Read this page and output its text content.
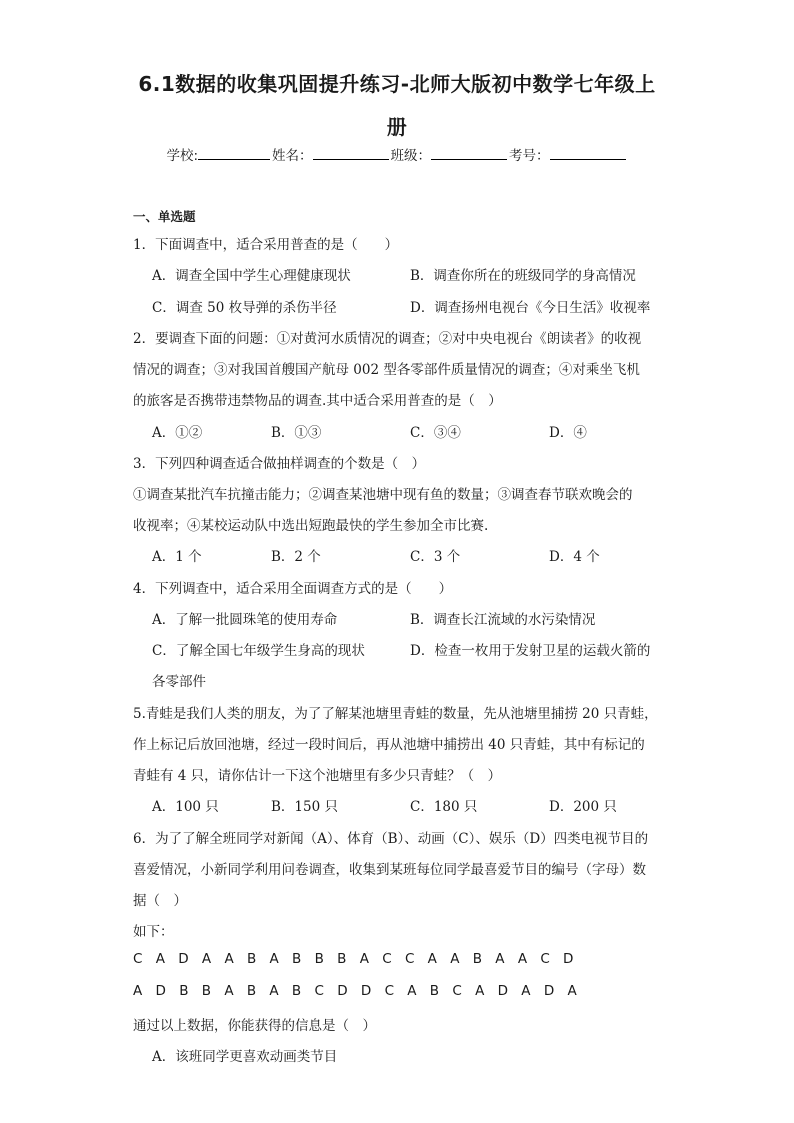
6.1数据的收集巩固提升练习-北师大版初中数学七年级上
册
学校:	姓名：	班级：	考号：
一、单选题
1．下面调查中，适合采用普查的是（　　）
A．调查全国中学生心理健康现状	B．调查你所在的班级同学的身高情况
C．调查 50 枚导弹的杀伤半径	D．调查扬州电视台《今日生活》收视率
2．要调查下面的问题：①对黄河水质情况的调查；②对中央电视台《朗读者》的收视
情况的调查；③对我国首艘国产航母 002 型各零部件质量情况的调查；④对乘坐飞机
的旅客是否携带违禁物品的调查.其中适合采用普查的是（　）
A．①②	B．①③	C．③④	D．④
3．下列四种调查适合做抽样调查的个数是（　）
①调查某批汽车抗撞击能力；②调查某池塘中现有鱼的数量；③调查春节联欢晚会的
收视率；④某校运动队中选出短跑最快的学生参加全市比赛.
A．1 个	B．2 个	C．3 个	D．4 个
4．下列调查中，适合采用全面调查方式的是（　　）
A．了解一批圆珠笔的使用寿命	B．调查长江流域的水污染情况
C．了解全国七年级学生身高的现状	D．检查一枚用于发射卫星的运载火箭的
各零部件
5.青蛙是我们人类的朋友，为了了解某池塘里青蛙的数量，先从池塘里捕捞 20 只青蛙，
作上标记后放回池塘，经过一段时间后，再从池塘中捕捞出 40 只青蛙，其中有标记的
青蛙有 4 只，请你估计一下这个池塘里有多少只青蛙？（　）
A．100 只	B．150 只	C．180 只	D．200 只
6．为了了解全班同学对新闻（A）、体育（B）、动画（C）、娱乐（D）四类电视节目的
喜爱情况，小新同学利用问卷调查，收集到某班每位同学最喜爱节目的编号（字母）数
据（　）
如下：
C A D A A B A B B B A C C A A B A A C D
A D B B A B A B C D D C A B C A D A D A
通过以上数据，你能获得的信息是（　）
A．该班同学更喜欢动画类节目
